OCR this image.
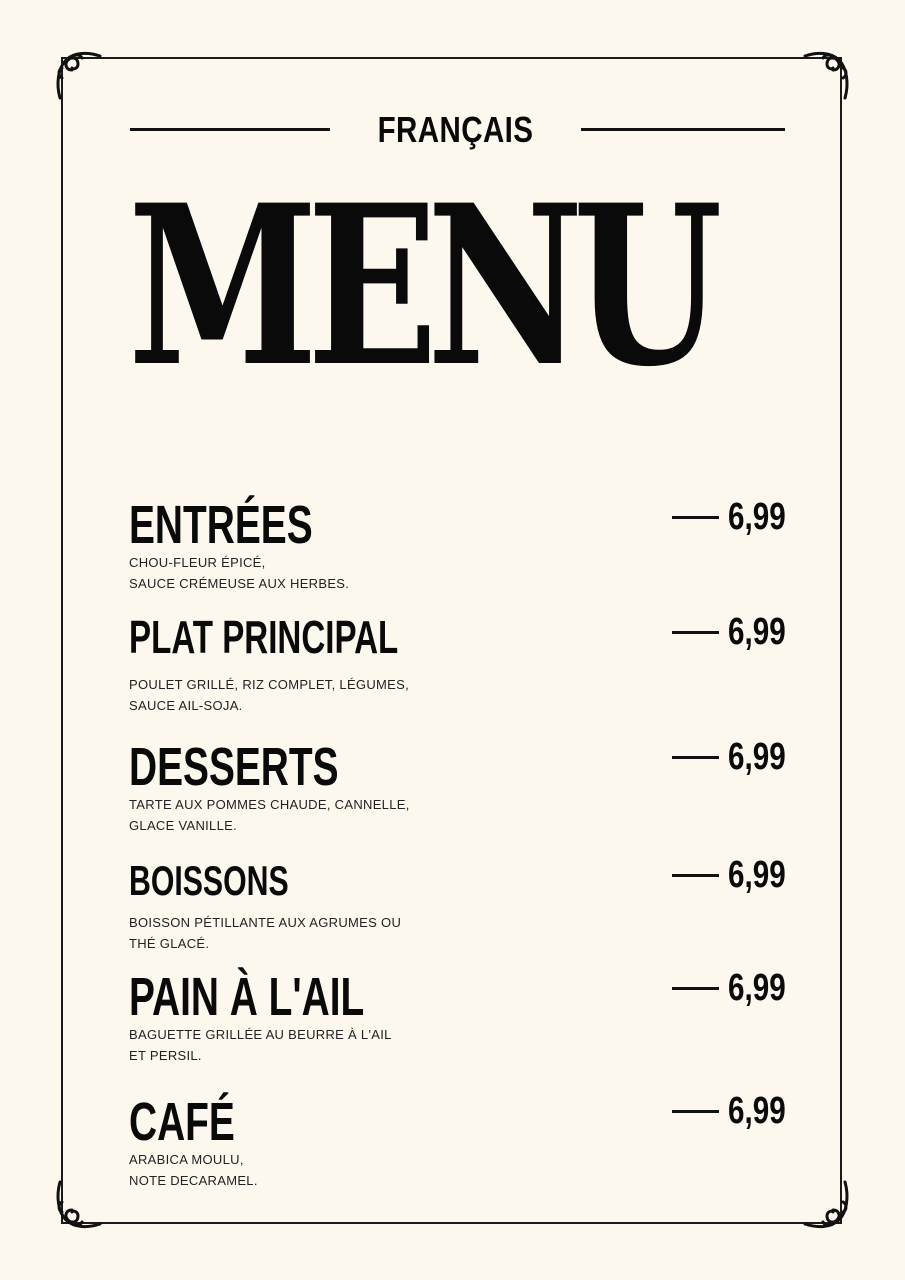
FRANÇAIS
MENU
ENTRÉES
CHOU-FLEUR ÉPICÉ,
SAUCE CRÉMEUSE AUX HERBES.
6,99
PLAT PRINCIPAL
POULET GRILLÉ, RIZ COMPLET, LÉGUMES,
SAUCE AIL-SOJA.
6,99
DESSERTS
TARTE AUX POMMES CHAUDE, CANNELLE,
GLACE VANILLE.
6,99
BOISSONS
BOISSON PÉTILLANTE AUX AGRUMES OU
THÉ GLACÉ.
6,99
PAIN À L'AIL
BAGUETTE GRILLÉE AU BEURRE À L'AIL
ET PERSIL.
6,99
CAFÉ
ARABICA MOULU,
NOTE DECARAMEL.
6,99
